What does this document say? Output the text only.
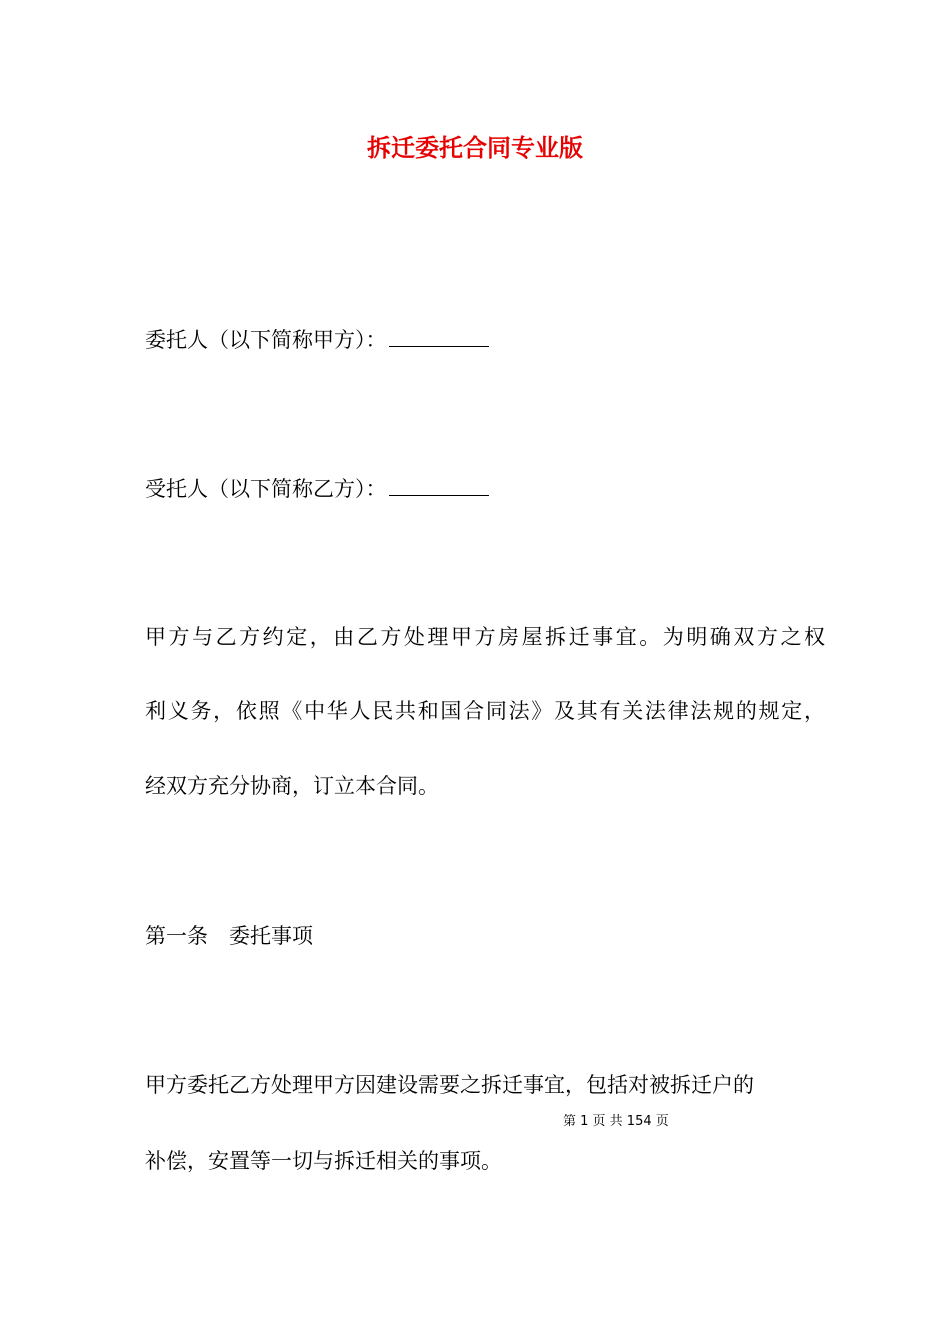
拆迁委托合同专业版
委托人（以下简称甲方）：
受托人（以下简称乙方）：
甲方与乙方约定，由乙方处理甲方房屋拆迁事宜。为明确双方之权
利义务，依照《中华人民共和国合同法》及其有关法律法规的规定，
经双方充分协商，订立本合同。
第一条　委托事项
甲方委托乙方处理甲方因建设需要之拆迁事宜，包括对被拆迁户的
第 1 页 共 154 页
补偿，安置等一切与拆迁相关的事项。
